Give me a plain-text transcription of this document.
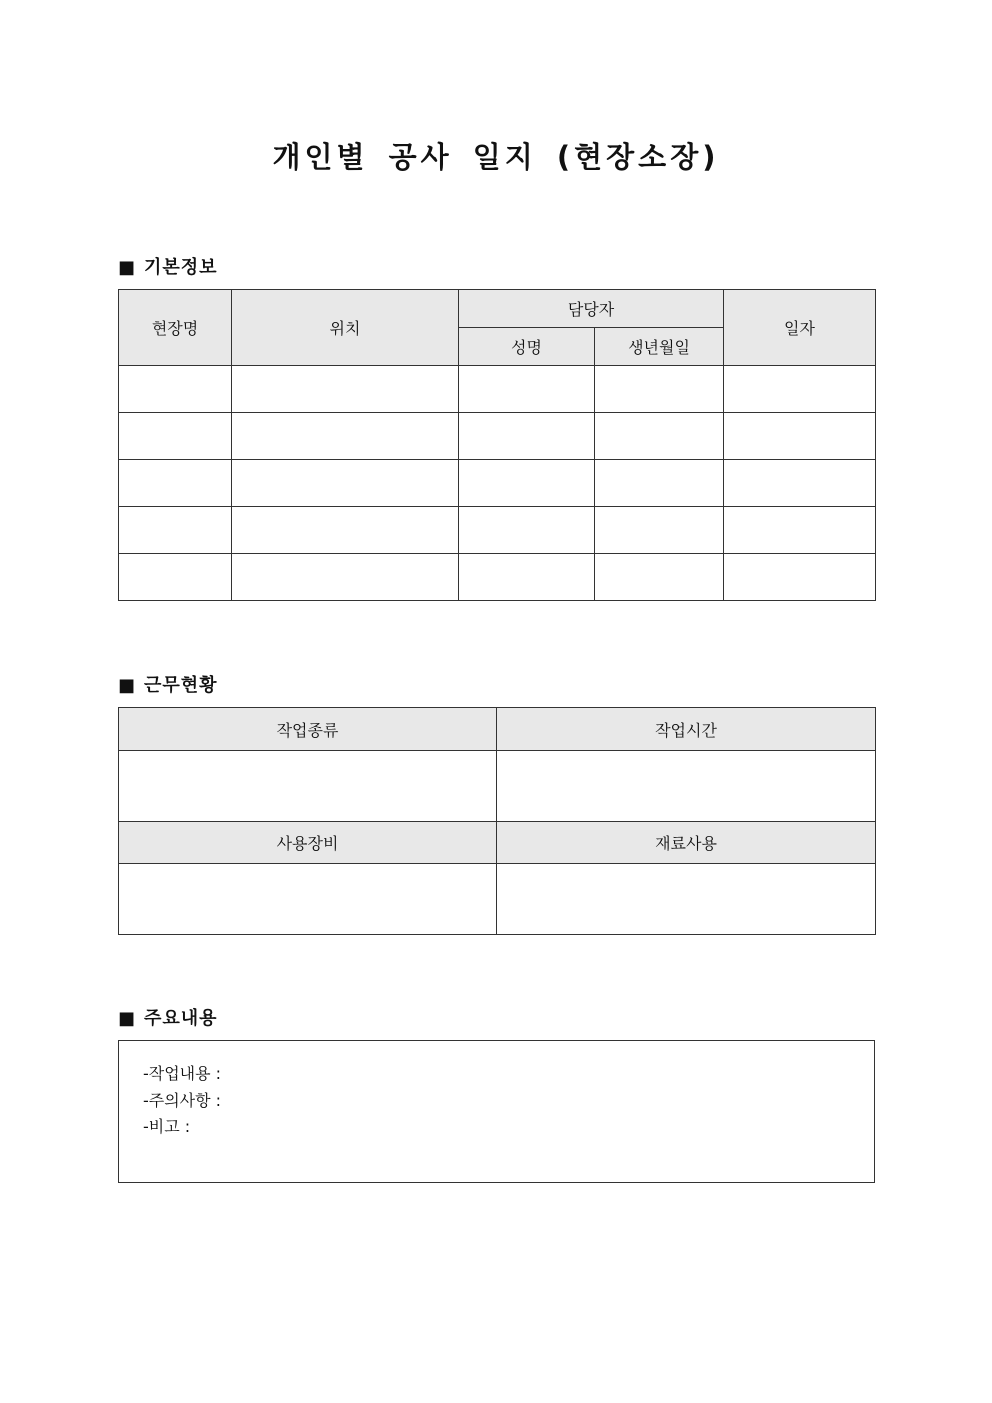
개인별 공사 일지 (현장소장)
■ 기본정보
현장명	위치	담당자		일자
		성명	생년월일	

■ 근무현황
작업종류	작업시간

사용장비	재료사용

■ 주요내용
-작업내용 :
-주의사항 :
-비고 :
